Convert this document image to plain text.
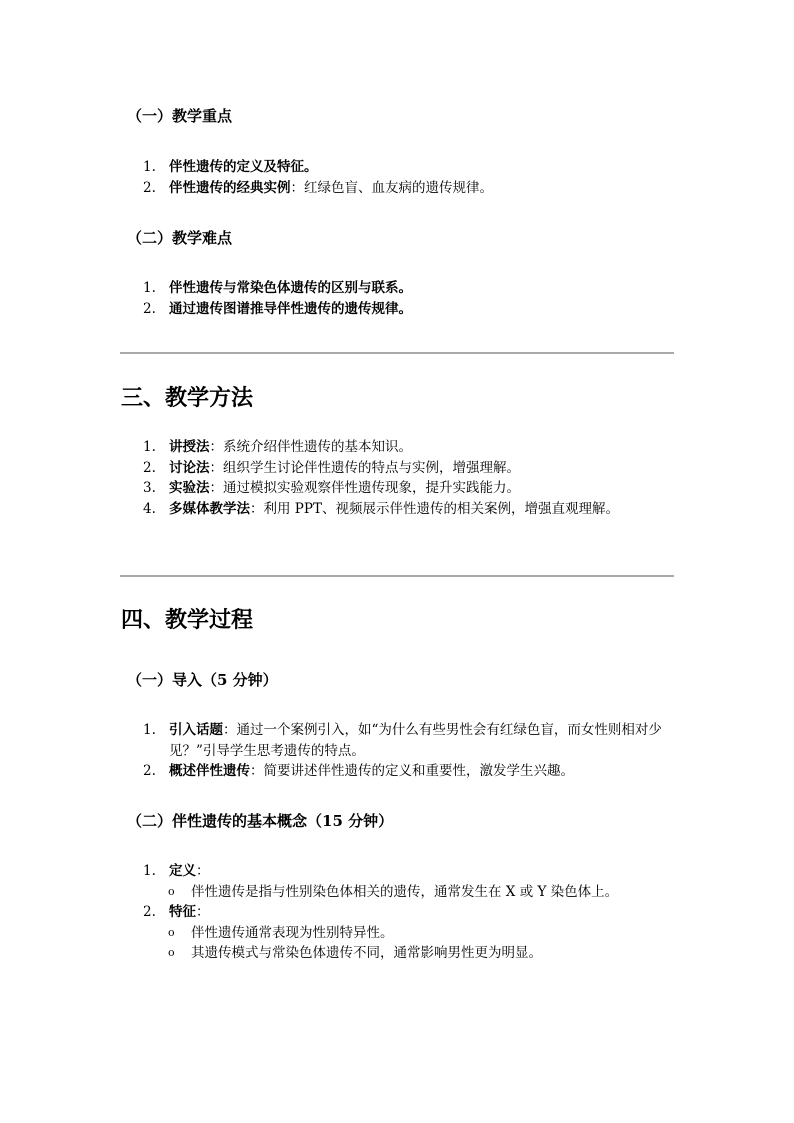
（一）教学重点
1. 伴性遗传的定义及特征。
2. 伴性遗传的经典实例：红绿色盲、血友病的遗传规律。
（二）教学难点
1. 伴性遗传与常染色体遗传的区别与联系。
2. 通过遗传图谱推导伴性遗传的遗传规律。
三、教学方法
1. 讲授法：系统介绍伴性遗传的基本知识。
2. 讨论法：组织学生讨论伴性遗传的特点与实例，增强理解。
3. 实验法：通过模拟实验观察伴性遗传现象，提升实践能力。
4. 多媒体教学法：利用 PPT、视频展示伴性遗传的相关案例，增强直观理解。
四、教学过程
（一）导入（5 分钟）
1. 引入话题：通过一个案例引入，如“为什么有些男性会有红绿色盲，而女性则相对少见？”引导学生思考遗传的特点。
2. 概述伴性遗传：简要讲述伴性遗传的定义和重要性，激发学生兴趣。
（二）伴性遗传的基本概念（15 分钟）
1. 定义：
o 伴性遗传是指与性别染色体相关的遗传，通常发生在 X 或 Y 染色体上。
2. 特征：
o 伴性遗传通常表现为性别特异性。
o 其遗传模式与常染色体遗传不同，通常影响男性更为明显。
